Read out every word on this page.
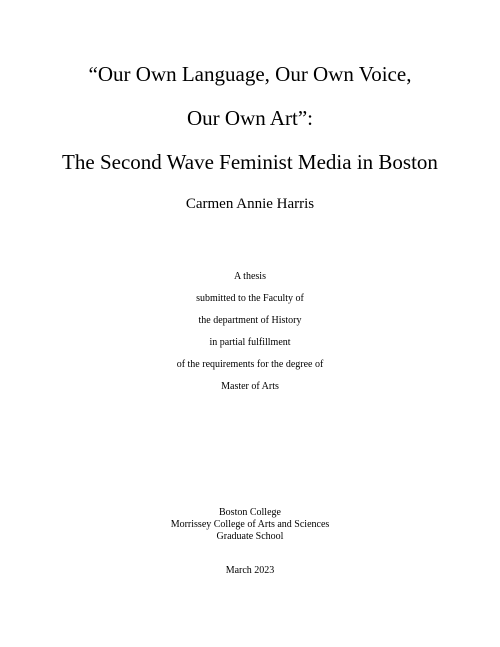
“Our Own Language, Our Own Voice,
Our Own Art”:
The Second Wave Feminist Media in Boston
Carmen Annie Harris
A thesis
submitted to the Faculty of
the department of History
in partial fulfillment
of the requirements for the degree of
Master of Arts
Boston College
Morrissey College of Arts and Sciences
Graduate School
March 2023
